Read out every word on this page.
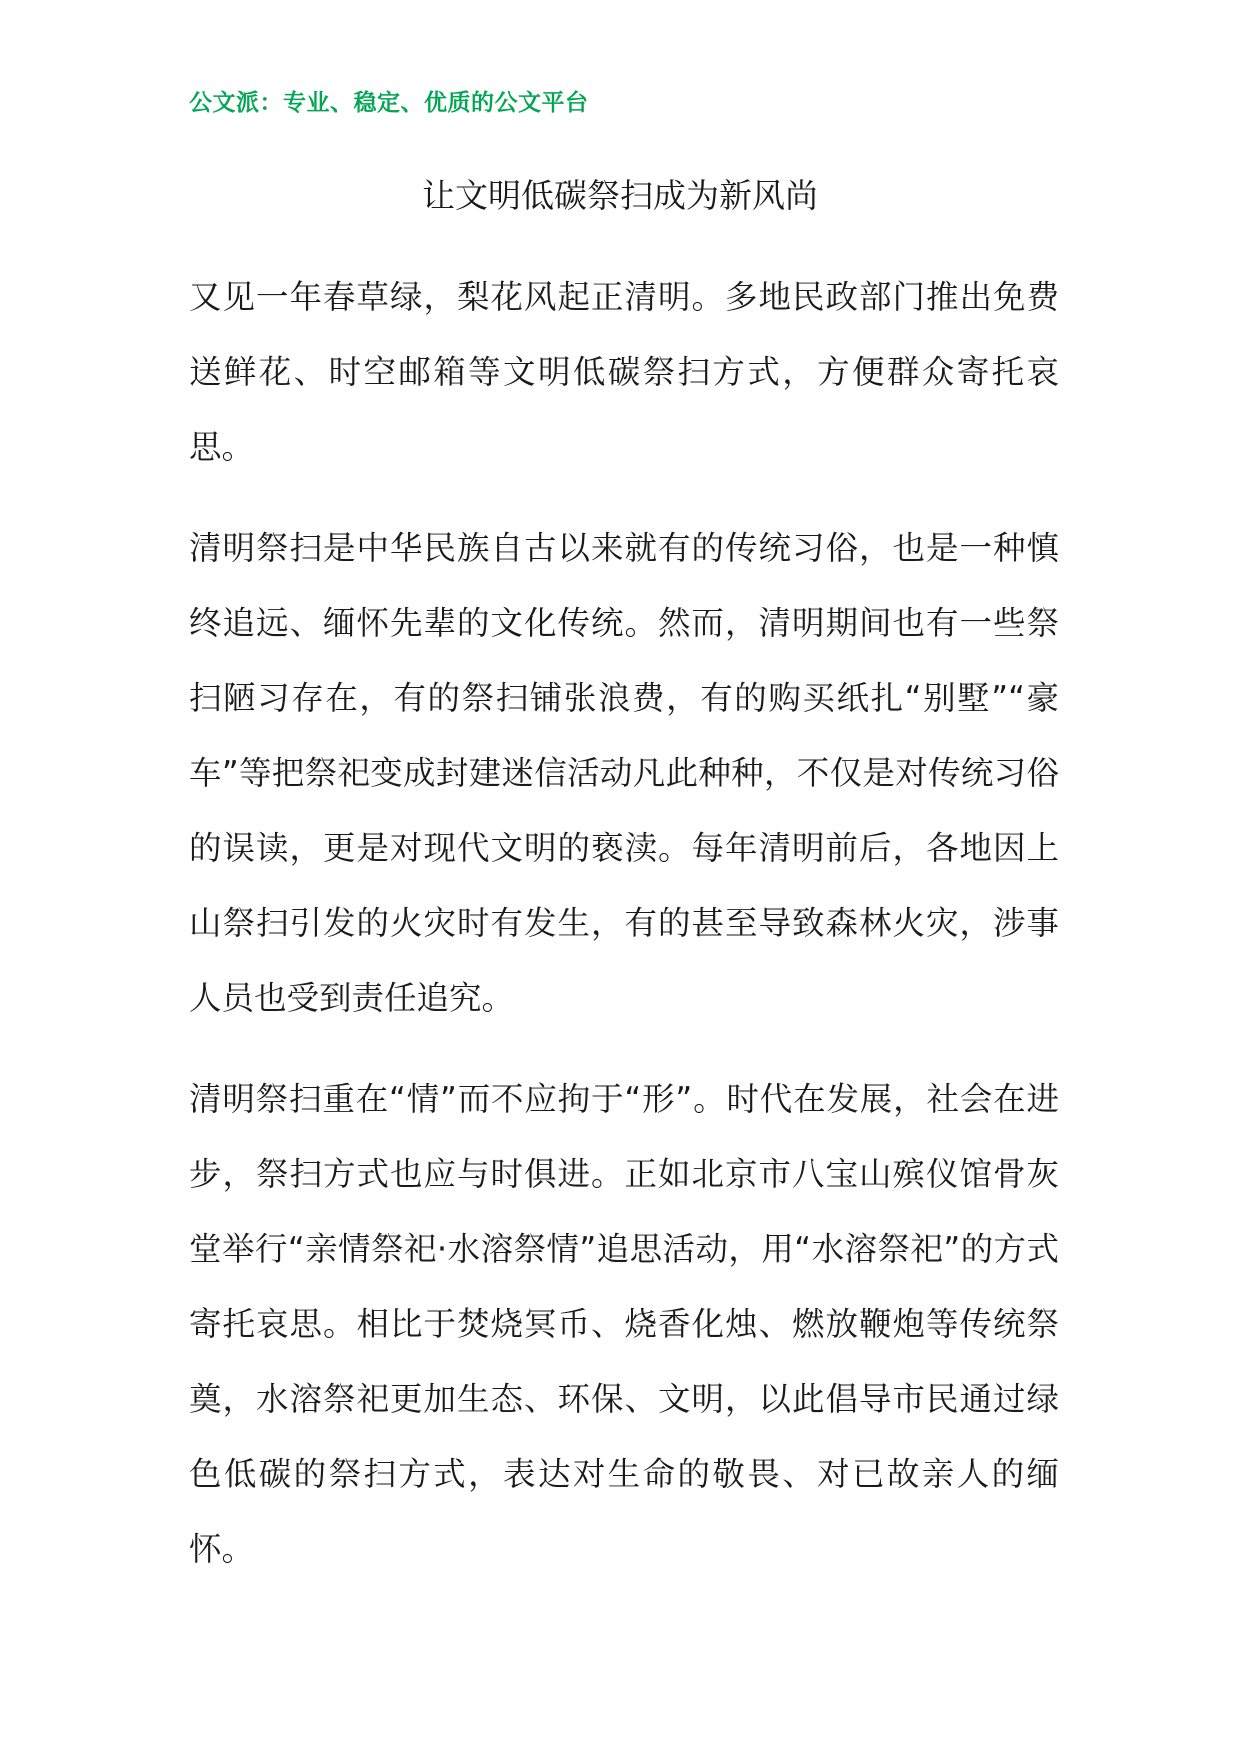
公文派：专业、稳定、优质的公文平台
让文明低碳祭扫成为新风尚

又见一年春草绿，梨花风起正清明。多地民政部门推出免费送鲜花、时空邮箱等文明低碳祭扫方式，方便群众寄托哀思。

清明祭扫是中华民族自古以来就有的传统习俗，也是一种慎终追远、缅怀先辈的文化传统。然而，清明期间也有一些祭扫陋习存在，有的祭扫铺张浪费，有的购买纸扎“别墅”“豪车”等把祭祀变成封建迷信活动凡此种种，不仅是对传统习俗的误读，更是对现代文明的亵渎。每年清明前后，各地因上山祭扫引发的火灾时有发生，有的甚至导致森林火灾，涉事人员也受到责任追究。

清明祭扫重在“情”而不应拘于“形”。时代在发展，社会在进步，祭扫方式也应与时俱进。正如北京市八宝山殡仪馆骨灰堂举行“亲情祭祀·水溶祭情”追思活动，用“水溶祭祀”的方式寄托哀思。相比于焚烧冥币、烧香化烛、燃放鞭炮等传统祭奠，水溶祭祀更加生态、环保、文明，以此倡导市民通过绿色低碳的祭扫方式，表达对生命的敬畏、对已故亲人的缅怀。
